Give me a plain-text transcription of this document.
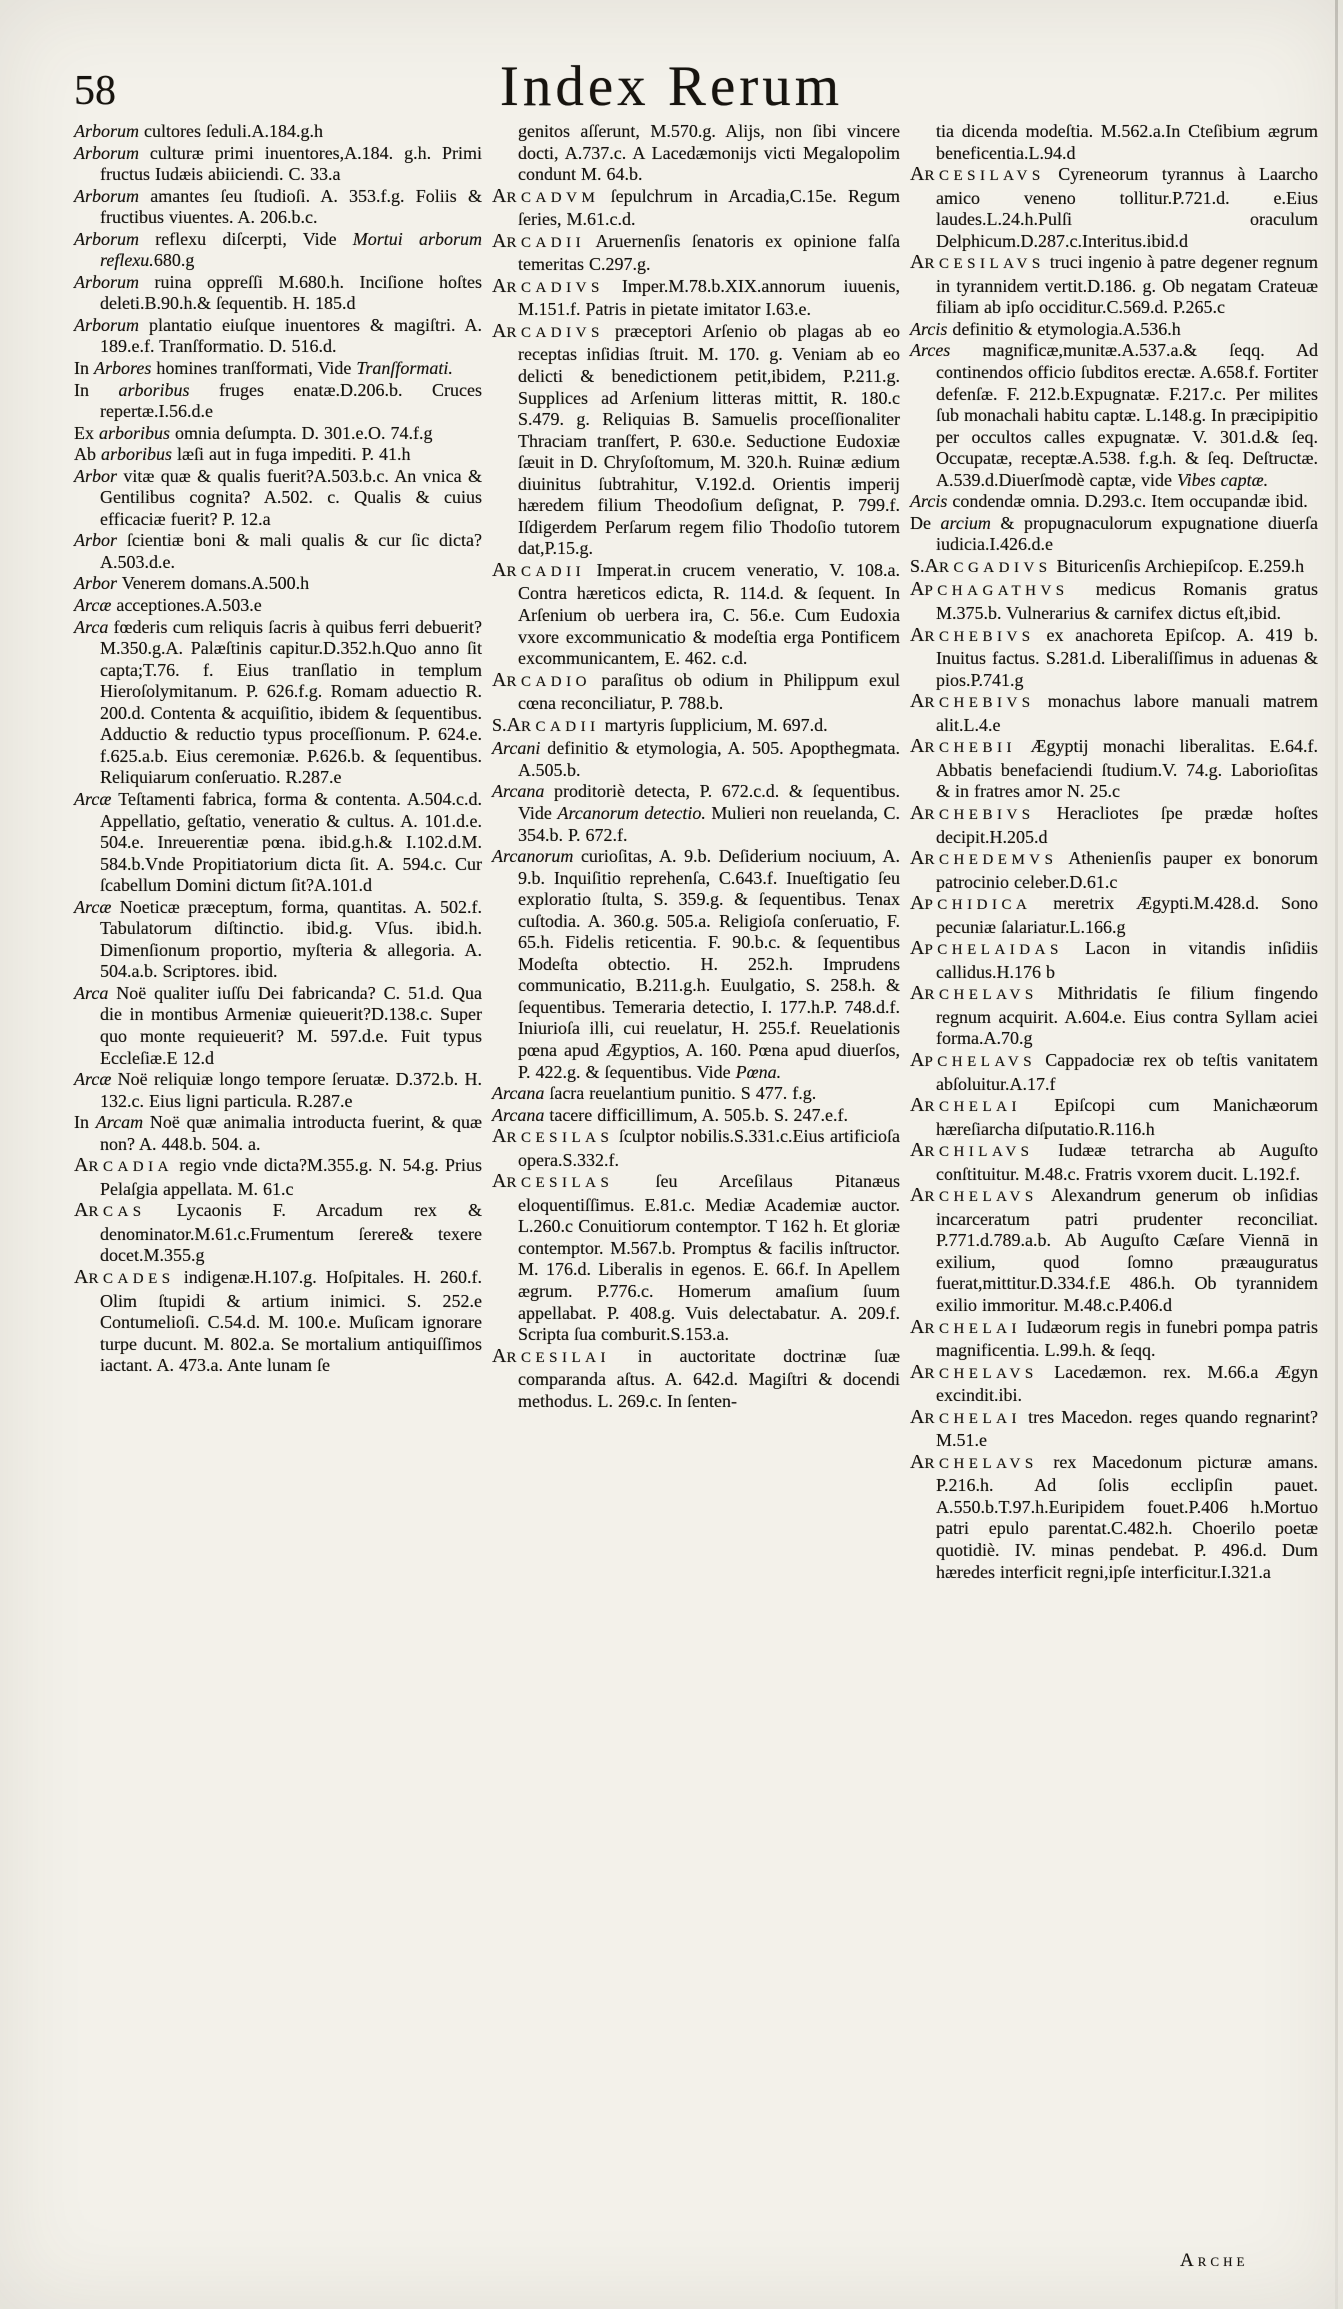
58	Index Rerum

Arborum cultores ſeduli.A.184.g.h

Arborum culturæ primi inuentores,A.184. g.h. Primi fructus Iudæis abiiciendi. C. 33.a

Arborum amantes ſeu ſtudioſi. A. 353.f.g. Foliis & fructibus viuentes. A. 206.b.c.

Arborum reflexu diſcerpti, Vide Mortui arborum reflexu.680.g

Arborum ruina oppreſſi M.680.h. Inciſione hoſtes deleti.B.90.h.& ſequentib. H. 185.d

Arborum plantatio eiuſque inuentores & magiſtri. A. 189.e.f. Tranſformatio. D. 516.d.

In Arbores homines tranſformati, Vide Tranſformati.

In arboribus fruges enatæ.D.206.b. Cruces repertæ.I.56.d.e

Ex arboribus omnia deſumpta. D. 301.e.O. 74.f.g

Ab arboribus læſi aut in fuga impediti. P. 41.h

Arbor vitæ quæ & qualis fuerit?A.503.b.c. An vnica & Gentilibus cognita? A.502. c. Qualis & cuius efficaciæ fuerit? P. 12.a

Arbor ſcientiæ boni & mali qualis & cur ſic dicta?A.503.d.e.

Arbor Venerem domans.A.500.h

Arcæ acceptiones.A.503.e

Arca fœderis cum reliquis ſacris à quibus ferri debuerit?M.350.g.A. Palæſtinis capitur.D.352.h.Quo anno ſit capta;T.76. f. Eius tranſlatio in templum Hieroſolymitanum. P. 626.f.g. Romam aduectio R. 200.d. Contenta & acquiſitio, ibidem & ſequentibus. Adductio & reductio typus proceſſionum. P. 624.e. f.625.a.b. Eius ceremoniæ. P.626.b. & ſequentibus. Reliquiarum conſeruatio. R.287.e

Arcæ Teſtamenti fabrica, forma & contenta. A.504.c.d. Appellatio, geſtatio, veneratio & cultus. A. 101.d.e. 504.e. Inreuerentiæ pœna. ibid.g.h.& I.102.d.M. 584.b.Vnde Propitiatorium dicta ſit. A. 594.c. Cur ſcabellum Domini dictum ſit?A.101.d

Arcæ Noeticæ præceptum, forma, quantitas. A. 502.f. Tabulatorum diſtinctio. ibid.g. Vſus. ibid.h. Dimenſionum proportio, myſteria & allegoria. A. 504.a.b. Scriptores. ibid.

Arca Noë qualiter iuſſu Dei fabricanda? C. 51.d. Qua die in montibus Armeniæ quieuerit?D.138.c. Super quo monte requieuerit? M. 597.d.e. Fuit typus Eccleſiæ.E 12.d

Arcæ Noë reliquiæ longo tempore ſeruatæ. D.372.b. H. 132.c. Eius ligni particula. R.287.e

In Arcam Noë quæ animalia introducta fuerint, & quæ non? A. 448.b. 504. a.

ARCADIA regio vnde dicta?M.355.g. N. 54.g. Prius Pelaſgia appellata. M. 61.c

ARCAS Lycaonis F. Arcadum rex & denominator.M.61.c.Frumentum ſerere& texere docet.M.355.g

ARCADES indigenæ.H.107.g. Hoſpitales. H. 260.f. Olim ſtupidi & artium inimici. S. 252.e Contumelioſi. C.54.d. M. 100.e. Muſicam ignorare turpe ducunt. M. 802.a. Se mortalium antiquiſſimos iactant. A. 473.a. Ante lunam ſe

genitos aſſerunt, M.570.g. Alijs, non ſibi vincere docti, A.737.c. A Lacedæmonijs victi Megalopolim condunt M. 64.b.

ARCADVM ſepulchrum in Arcadia,C.15e. Regum ſeries, M.61.c.d.

ARCADII Aruernenſis ſenatoris ex opinione falſa temeritas C.297.g.

ARCADIVS Imper.M.78.b.XIX.annorum iuuenis, M.151.f. Patris in pietate imitator I.63.e.

ARCADIVS præceptori Arſenio ob plagas ab eo receptas inſidias ſtruit. M. 170. g. Veniam ab eo delicti & benedictionem petit,ibidem, P.211.g. Supplices ad Arſenium litteras mittit, R. 180.c S.479. g. Reliquias B. Samuelis proceſſionaliter Thraciam tranſfert, P. 630.e. Seductione Eudoxiæ ſæuit in D. Chryſoſtomum, M. 320.h. Ruinæ ædium diuinitus ſubtrahitur, V.192.d. Orientis imperij hæredem filium Theodoſium deſignat, P. 799.f. Iſdigerdem Perſarum regem filio Thodoſio tutorem dat,P.15.g.

ARCADII Imperat.in crucem veneratio, V. 108.a. Contra hæreticos edicta, R. 114.d. & ſequent. In Arſenium ob uerbera ira, C. 56.e. Cum Eudoxia vxore excommunicatio & modeſtia erga Pontificem excommunicantem, E. 462. c.d.

ARCADIO paraſitus ob odium in Philippum exul cœna reconciliatur, P. 788.b.

S.ARCADII martyris ſupplicium, M. 697.d.

Arcani definitio & etymologia, A. 505. Apopthegmata. A.505.b.

Arcana proditoriè detecta, P. 672.c.d. & ſequentibus. Vide Arcanorum detectio. Mulieri non reuelanda, C. 354.b. P. 672.f.

Arcanorum curioſitas, A. 9.b. Deſiderium nociuum, A. 9.b. Inquiſitio reprehenſa, C.643.f. Inueſtigatio ſeu exploratio ſtulta, S. 359.g. & ſequentibus. Tenax cuſtodia. A. 360.g. 505.a. Religioſa conſeruatio, F. 65.h. Fidelis reticentia. F. 90.b.c. & ſequentibus Modeſta obtectio. H. 252.h. Imprudens communicatio, B.211.g.h. Euulgatio, S. 258.h. & ſequentibus. Temeraria detectio, I. 177.h.P. 748.d.f. Iniurioſa illi, cui reuelatur, H. 255.f. Reuelationis pœna apud Ægyptios, A. 160. Pœna apud diuerſos, P. 422.g. & ſequentibus. Vide Pœna.

Arcana ſacra reuelantium punitio. S 477. f.g.

Arcana tacere difficillimum, A. 505.b. S. 247.e.f.

ARCESILAS ſculptor nobilis.S.331.c.Eius artificioſa opera.S.332.f.

ARCESILAS ſeu Arceſilaus Pitanæus eloquentiſſimus. E.81.c. Mediæ Academiæ auctor. L.260.c Conuitiorum contemptor. T 162 h. Et gloriæ contemptor. M.567.b. Promptus & facilis inſtructor. M. 176.d. Liberalis in egenos. E. 66.f. In Apellem ægrum. P.776.c. Homerum amaſium ſuum appellabat. P. 408.g. Vuis delectabatur. A. 209.f. Scripta ſua comburit.S.153.a.

ARCESILAI in auctoritate doctrinæ ſuæ comparanda aſtus. A. 642.d. Magiſtri & docendi methodus. L. 269.c. In ſenten-

tia dicenda modeſtia. M.562.a.In Cteſibium ægrum beneficentia.L.94.d

ARCESILAVS Cyreneorum tyrannus à Laarcho amico veneno tollitur.P.721.d. e.Eius laudes.L.24.h.Pulſi oraculum Delphicum.D.287.c.Interitus.ibid.d

ARCESILAVS truci ingenio à patre degener regnum in tyrannidem vertit.D.186. g. Ob negatam Crateuæ filiam ab ipſo occiditur.C.569.d. P.265.c

Arcis definitio & etymologia.A.536.h

Arces magnificæ,munitæ.A.537.a.& ſeqq. Ad continendos officio ſubditos erectæ. A.658.f. Fortiter defenſæ. F. 212.b.Expugnatæ. F.217.c. Per milites ſub monachali habitu captæ. L.148.g. In præcipipitio per occultos calles expugnatæ. V. 301.d.& ſeq. Occupatæ, receptæ.A.538. f.g.h. & ſeq. Deſtructæ. A.539.d.Diuerſmodè captæ, vide Vibes captæ.

Arcis condendæ omnia. D.293.c. Item occupandæ ibid.

De arcium & propugnaculorum expugnatione diuerſa iudicia.I.426.d.e

S.ARCGADIVS Bituricenſis Archiepiſcop. E.259.h

APCHAGATHVS medicus Romanis gratus M.375.b. Vulnerarius & carnifex dictus eſt,ibid.

ARCHEBIVS ex anachoreta Epiſcop. A. 419 b. Inuitus factus. S.281.d. Liberaliſſimus in aduenas & pios.P.741.g

ARCHEBIVS monachus labore manuali matrem alit.L.4.e

ARCHEBII Ægyptij monachi liberalitas. E.64.f. Abbatis benefaciendi ſtudium.V. 74.g. Laborioſitas & in fratres amor N. 25.c

ARCHEBIVS Heracliotes ſpe prædæ hoſtes decipit.H.205.d

ARCHEDEMVS Athenienſis pauper ex bonorum patrocinio celeber.D.61.c

APCHIDICA meretrix Ægypti.M.428.d. Sono pecuniæ ſalariatur.L.166.g

APCHELAIDAS Lacon in vitandis inſidiis callidus.H.176 b

ARCHELAVS Mithridatis ſe filium fingendo regnum acquirit. A.604.e. Eius contra Syllam aciei forma.A.70.g

APCHELAVS Cappadociæ rex ob teſtis vanitatem abſoluitur.A.17.f

ARCHELAI Epiſcopi cum Manichæorum hæreſiarcha diſputatio.R.116.h

ARCHILAVS Iudææ tetrarcha ab Auguſto conſtituitur. M.48.c. Fratris vxorem ducit. L.192.f.

ARCHELAVS Alexandrum generum ob inſidias incarceratum patri prudenter reconciliat. P.771.d.789.a.b. Ab Auguſto Cæſare Viennā in exilium, quod ſomno præauguratus fuerat,mittitur.D.334.f.E 486.h. Ob tyrannidem exilio immoritur. M.48.c.P.406.d

ARCHELAI Iudæorum regis in funebri pompa patris magnificentia. L.99.h. & ſeqq.

ARCHELAVS Lacedæmon. rex. M.66.a Ægyn excindit.ibi.

ARCHELAI tres Macedon. reges quando regnarint?M.51.e

ARCHELAVS rex Macedonum picturæ amans. P.216.h. Ad ſolis ecclipſin pauet. A.550.b.T.97.h.Euripidem fouet.P.406 h.Mortuo patri epulo parentat.C.482.h. Choerilo poetæ quotidiè. IV. minas pendebat. P. 496.d. Dum hæredes interficit regni,ipſe interficitur.I.321.a

Arche
